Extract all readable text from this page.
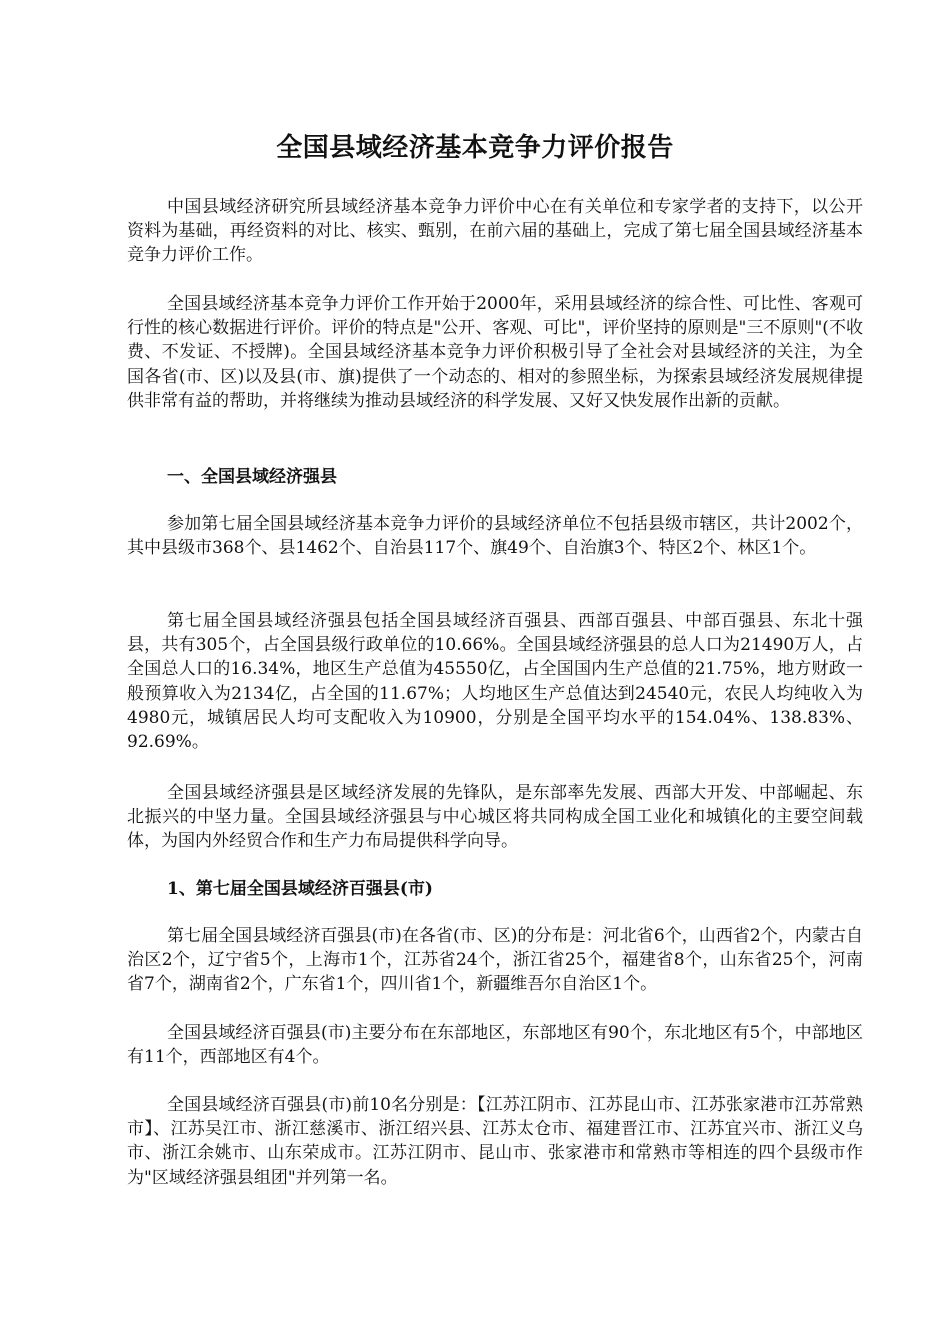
全国县域经济基本竞争力评价报告

中国县域经济研究所县域经济基本竞争力评价中心在有关单位和专家学者的支持下，以公开资料为基础，再经资料的对比、核实、甄别，在前六届的基础上，完成了第七届全国县域经济基本竞争力评价工作。

全国县域经济基本竞争力评价工作开始于2000年，采用县域经济的综合性、可比性、客观可行性的核心数据进行评价。评价的特点是"公开、客观、可比"，评价坚持的原则是"三不原则"(不收费、不发证、不授牌)。全国县域经济基本竞争力评价积极引导了全社会对县域经济的关注，为全国各省(市、区)以及县(市、旗)提供了一个动态的、相对的参照坐标，为探索县域经济发展规律提供非常有益的帮助，并将继续为推动县域经济的科学发展、又好又快发展作出新的贡献。

一、全国县域经济强县

参加第七届全国县域经济基本竞争力评价的县域经济单位不包括县级市辖区，共计2002个，其中县级市368个、县1462个、自治县117个、旗49个、自治旗3个、特区2个、林区1个。

第七届全国县域经济强县包括全国县域经济百强县、西部百强县、中部百强县、东北十强县，共有305个，占全国县级行政单位的10.66%。全国县域经济强县的总人口为21490万人，占全国总人口的16.34%，地区生产总值为45550亿，占全国国内生产总值的21.75%，地方财政一般预算收入为2134亿，占全国的11.67%；人均地区生产总值达到24540元，农民人均纯收入为4980元，城镇居民人均可支配收入为10900，分别是全国平均水平的154.04%、138.83%、92.69%。

全国县域经济强县是区域经济发展的先锋队，是东部率先发展、西部大开发、中部崛起、东北振兴的中坚力量。全国县域经济强县与中心城区将共同构成全国工业化和城镇化的主要空间载体，为国内外经贸合作和生产力布局提供科学向导。

1、第七届全国县域经济百强县(市)

第七届全国县域经济百强县(市)在各省(市、区)的分布是：河北省6个，山西省2个，内蒙古自治区2个，辽宁省5个，上海市1个，江苏省24个，浙江省25个，福建省8个，山东省25个，河南省7个，湖南省2个，广东省1个，四川省1个，新疆维吾尔自治区1个。

全国县域经济百强县(市)主要分布在东部地区，东部地区有90个，东北地区有5个，中部地区有11个，西部地区有4个。

全国县域经济百强县(市)前10名分别是：【江苏江阴市、江苏昆山市、江苏张家港市江苏常熟市】、江苏吴江市、浙江慈溪市、浙江绍兴县、江苏太仓市、福建晋江市、江苏宜兴市、浙江义乌市、浙江余姚市、山东荣成市。江苏江阴市、昆山市、张家港市和常熟市等相连的四个县级市作为"区域经济强县组团"并列第一名。
